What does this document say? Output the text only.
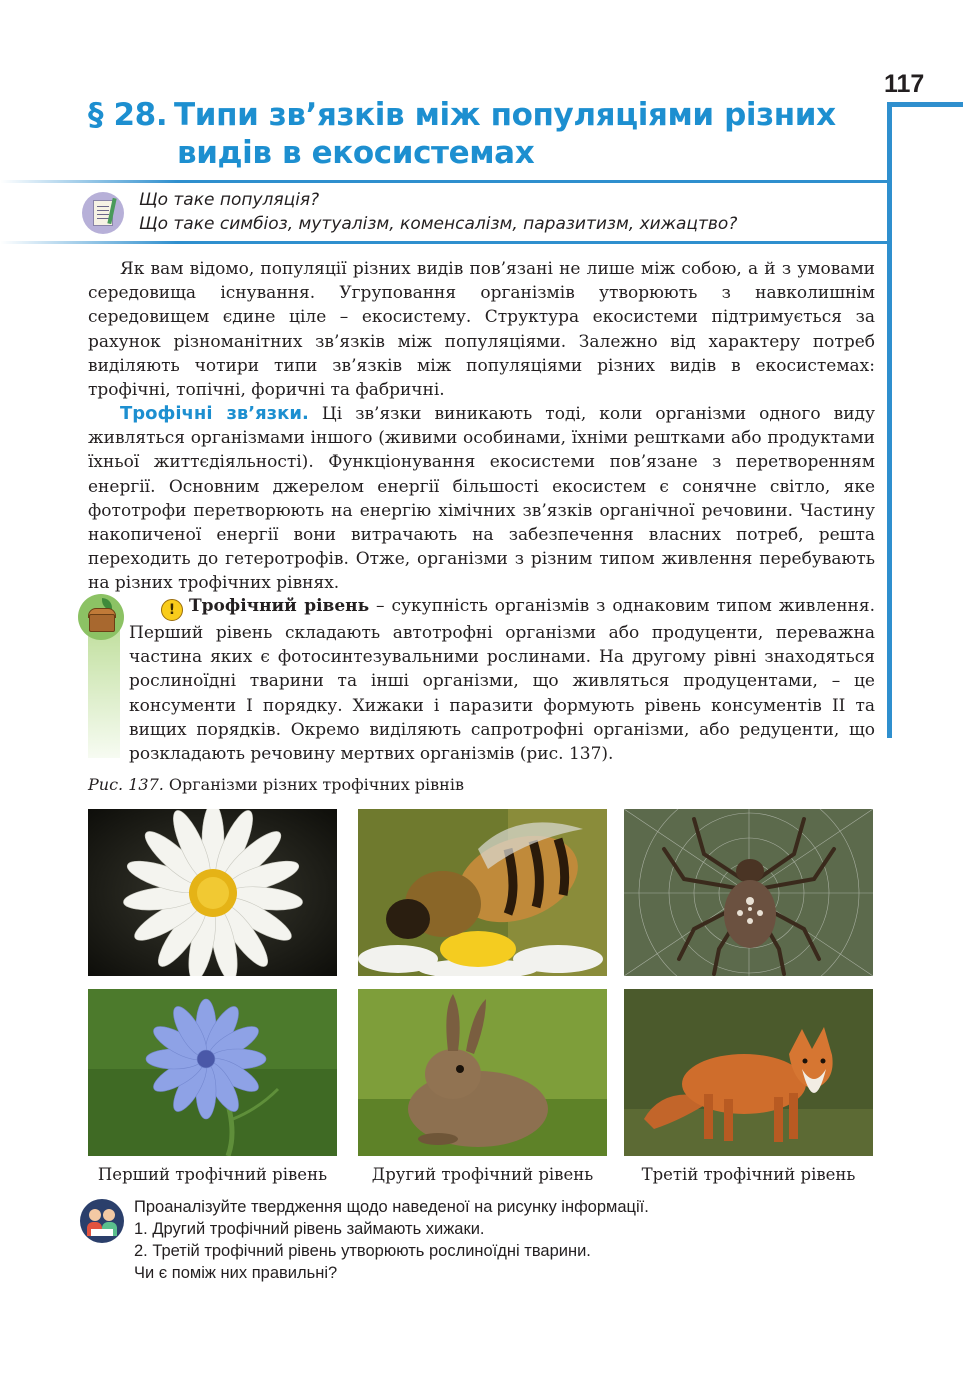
117
§ 28. Типи зв’язків між популяціями різних
видів в екосистемах
Що таке популяція?
Що таке симбіоз, мутуалізм, коменсалізм, паразитизм, хижацтво?

Як вам відомо, популяції різних видів пов’язані не лише між собою, а й з умовами середовища існування. Угруповання організмів утворюють з навколишнім середовищем єдине ціле – екосистему. Структура екосистеми підтримується за рахунок різноманітних зв’язків між популяціями. Залежно від характеру потреб виділяють чотири типи зв’язків між популяціями різних видів в екосистемах: трофічні, топічні, форичні та фабричні.

Трофічні зв’язки. Ці зв’язки виникають тоді, коли організми одного виду живляться організмами іншого (живими особинами, їхніми рештками або продуктами їхньої життєдіяльності). Функціонування екосистеми пов’язане з перетворенням енергії. Основним джерелом енергії більшості екосистем є сонячне світло, яке фототрофи перетворюють на енергію хімічних зв’язків органічної речовини. Частину накопиченої енергії вони витрачають на забезпечення власних потреб, решта переходить до гетеротрофів. Отже, організми з різним типом живлення перебувають на різних трофічних рівнях.

! Трофічний рівень – сукупність організмів з однаковим типом живлення. Перший рівень складають автотрофні організми або продуценти, переважна частина яких є фотосинтезувальними рослинами. На другому рівні знаходяться рослиноїдні тварини та інші організми, що живляться продуцентами, – це консументи І порядку. Хижаки і паразити формують рівень консументів ІІ та вищих порядків. Окремо виділяють сапротрофні організми, або редуценти, що розкладають речовину мертвих організмів (рис. 137).

Рис. 137. Організми різних трофічних рівнів
Перший трофічний рівень	Другий трофічний рівень	Третій трофічний рівень
Проаналізуйте твердження щодо наведеної на рисунку інформації.
1. Другий трофічний рівень займають хижаки.
2. Третій трофічний рівень утворюють рослиноїдні тварини.
Чи є поміж них правильні?
